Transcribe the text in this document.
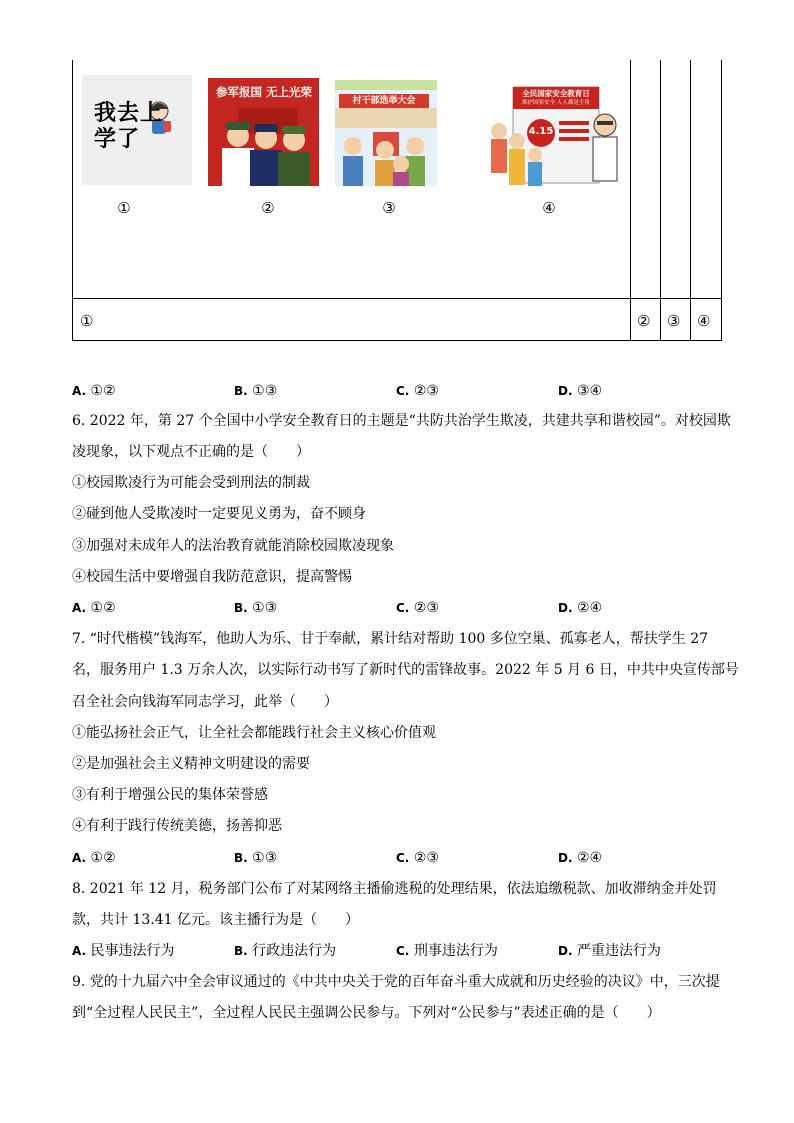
①	② ③ ④
我去上学了
①
参军报国 无上光荣
②
村干部选举大会
③
全民国家安全教育日
维护国家安全 人人都是主角
4.15
④
A. ①②	B. ①③	C. ②③	D. ③④
6. 2022 年，第 27 个全国中小学安全教育日的主题是“共防共治学生欺凌，共建共享和谐校园”。对校园欺
凌现象，以下观点不正确的是（　　）
①校园欺凌行为可能会受到刑法的制裁
②碰到他人受欺凌时一定要见义勇为，奋不顾身
③加强对未成年人的法治教育就能消除校园欺凌现象
④校园生活中要增强自我防范意识，提高警惕
A. ①②	B. ①③	C. ②③	D. ②④
7. “时代楷模”钱海军，他助人为乐、甘于奉献，累计结对帮助 100 多位空巢、孤寡老人，帮扶学生 27
名，服务用户 1.3 万余人次，以实际行动书写了新时代的雷锋故事。2022 年 5 月 6 日，中共中央宣传部号
召全社会向钱海军同志学习，此举（　　）
①能弘扬社会正气，让全社会都能践行社会主义核心价值观
②是加强社会主义精神文明建设的需要
③有利于增强公民的集体荣誉感
④有利于践行传统美德，扬善抑恶
A. ①②	B. ①③	C. ②③	D. ②④
8. 2021 年 12 月，税务部门公布了对某网络主播偷逃税的处理结果，依法追缴税款、加收滞纳金并处罚
款，共计 13.41 亿元。该主播行为是（　　）
A. 民事违法行为	B. 行政违法行为	C. 刑事违法行为	D. 严重违法行为
9. 党的十九届六中全会审议通过的《中共中央关于党的百年奋斗重大成就和历史经验的决议》中，三次提
到“全过程人民民主”，全过程人民民主强调公民参与。下列对“公民参与”表述正确的是（　　）
